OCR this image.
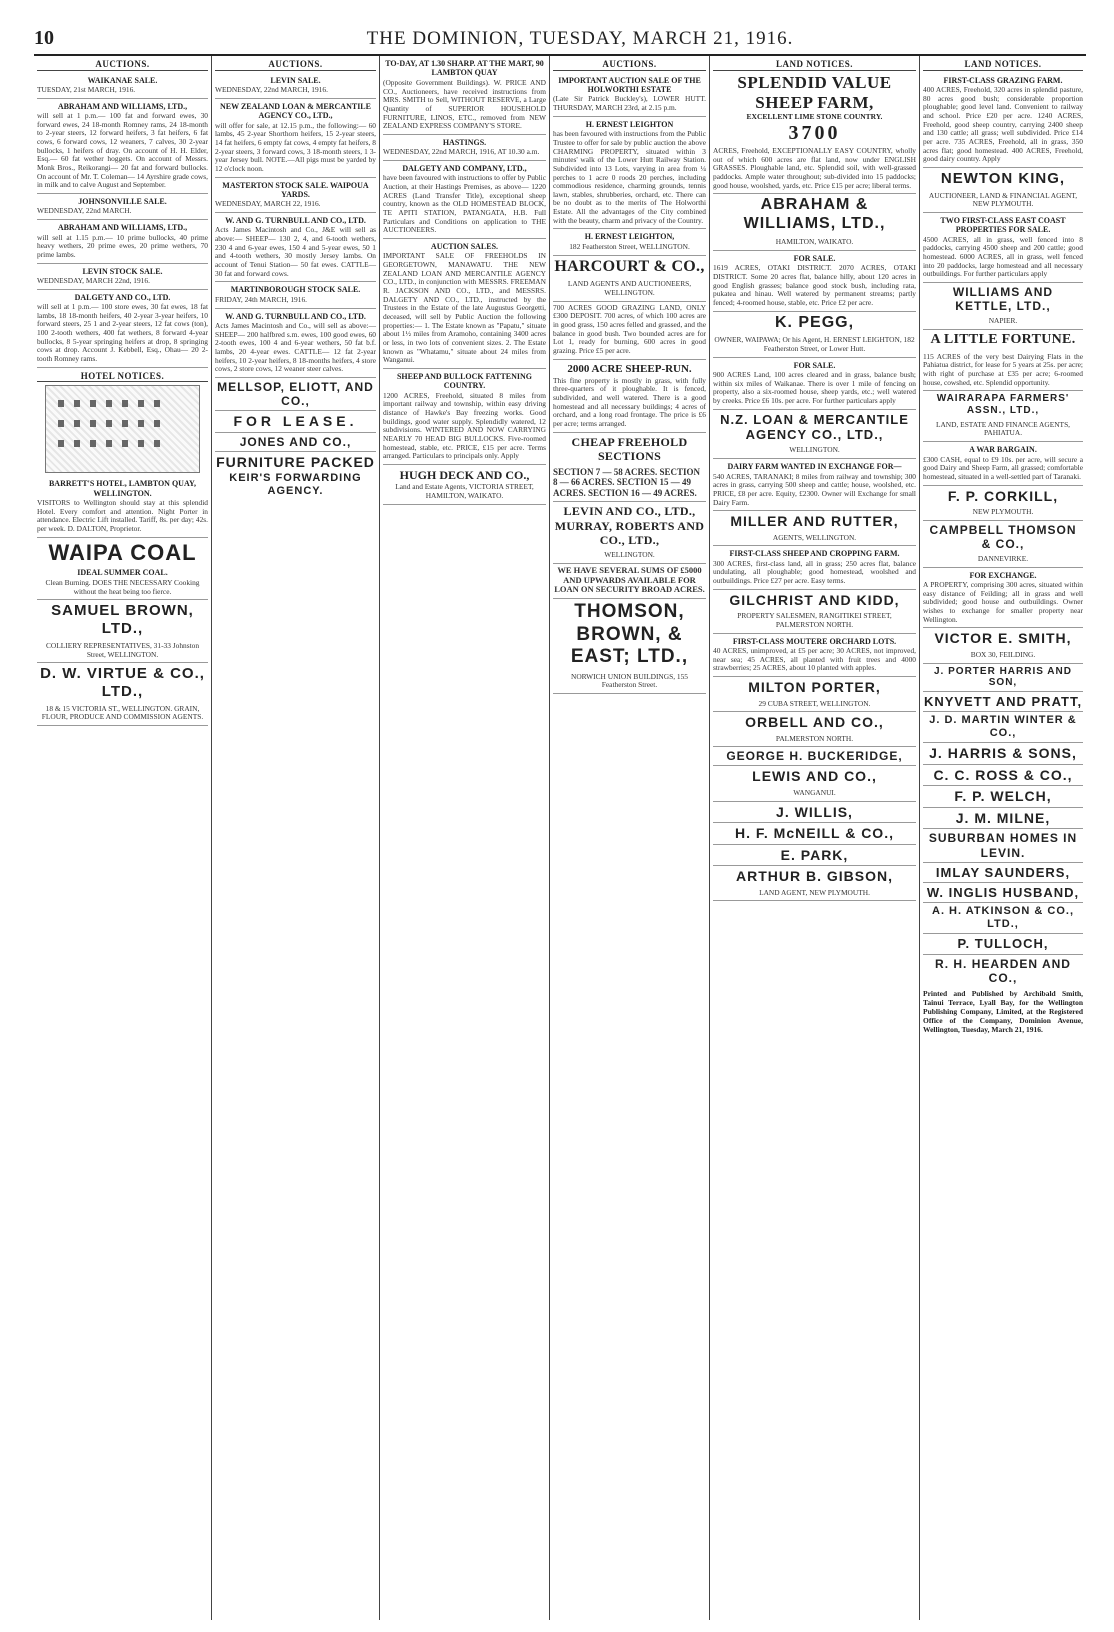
10	THE DOMINION, TUESDAY, MARCH 21, 1916.
AUCTIONS.
WAIKANAE SALE.
TUESDAY, 21st MARCH, 1916.
ABRAHAM AND WILLIAMS, LTD.,
will sell at 1 p.m.— 100 fat and forward ewes, 30 forward ewes, 24 18-month Romney rams, 24 18-month to 2-year steers, 12 forward heifers, 3 fat heifers, 6 fat cows, 6 forward cows, 12 weaners, 7 calves, 30 2-year bullocks, 1 heifers of dray. On account of H. H. Elder, Esq.— 60 fat wether hoggets. On account of Messrs. Monk Bros., Reikorangi— 20 fat and forward bullocks. On account of Mr. T. Coleman— 14 Ayrshire grade cows, in milk and to calve August and September.
JOHNSONVILLE SALE.
WEDNESDAY, 22nd MARCH.
ABRAHAM AND WILLIAMS, LTD.,
will sell at 1.15 p.m.— 10 prime bullocks, 40 prime heavy wethers, 20 prime ewes, 20 prime wethers, 70 prime lambs.
LEVIN STOCK SALE.
WEDNESDAY, MARCH 22nd, 1916.
DALGETY AND CO., LTD.
will sell at 1 p.m.— 100 store ewes, 30 fat ewes, 18 fat lambs, 18 18-month heifers, 40 2-year 3-year heifers, 10 forward steers, 25 1 and 2-year steers, 12 fat cows (ton), 100 2-tooth wethers, 400 fat wethers, 8 forward 4-year bullocks, 8 5-year springing heifers at drop, 8 springing cows at drop. Account J. Kebbell, Esq., Ohau— 20 2-tooth Romney rams.
HOTEL NOTICES.
BARRETT'S HOTEL, LAMBTON QUAY, WELLINGTON.
VISITORS to Wellington should stay at this splendid Hotel. Every comfort and attention. Night Porter in attendance. Electric Lift installed. Tariff, 8s. per day; 42s. per week. D. DALTON, Proprietor.
WAIPA COAL
IDEAL SUMMER COAL.
Clean Burning. DOES THE NECESSARY Cooking without the heat being too fierce.
SAMUEL BROWN, LTD.,
COLLIERY REPRESENTATIVES, 31-33 Johnston Street, WELLINGTON.
D. W. VIRTUE & CO., LTD.,
18 & 15 VICTORIA ST., WELLINGTON. GRAIN, FLOUR, PRODUCE AND COMMISSION AGENTS.
AUCTIONS.
LEVIN SALE.
WEDNESDAY, 22nd MARCH, 1916.
NEW ZEALAND LOAN & MERCANTILE AGENCY CO., LTD.,
will offer for sale, at 12.15 p.m., the following:— 60 lambs, 45 2-year Shorthorn heifers, 15 2-year steers, 14 fat heifers, 6 empty fat cows, 4 empty fat heifers, 8 2-year steers, 3 forward cows, 3 18-month steers, 1 3-year Jersey bull. NOTE.—All pigs must be yarded by 12 o'clock noon.
MASTERTON STOCK SALE. WAIPOUA YARDS.
WEDNESDAY, MARCH 22, 1916.
W. AND G. TURNBULL AND CO., LTD.
Acts James Macintosh and Co., J&E will sell as above:— SHEEP— 130 2, 4, and 6-tooth wethers, 230 4 and 6-year ewes, 150 4 and 5-year ewes, 50 1 and 4-tooth wethers, 30 mostly Jersey lambs. On account of Tenui Station— 50 fat ewes. CATTLE— 30 fat and forward cows.
MARTINBOROUGH STOCK SALE.
FRIDAY, 24th MARCH, 1916.
W. AND G. TURNBULL AND CO., LTD.
Acts James Macintosh and Co., will sell as above:— SHEEP— 200 halfbred s.m. ewes, 100 good ewes, 60 2-tooth ewes, 100 4 and 6-year wethers, 50 fat b.f. lambs, 20 4-year ewes. CATTLE— 12 fat 2-year heifers, 10 2-year heifers, 8 18-months heifers, 4 store cows, 2 store cows, 12 weaner steer calves.
MELLSOP, ELIOTT, AND CO.,
FOR LEASE.
JONES AND CO.,
FURNITURE PACKED
KEIR'S FORWARDING AGENCY.
TO-DAY, AT 1.30 SHARP. AT THE MART, 90 LAMBTON QUAY
(Opposite Government Buildings). W. PRICE AND CO., Auctioneers, have received instructions from MRS. SMITH to Sell, WITHOUT RESERVE, a Large Quantity of SUPERIOR HOUSEHOLD FURNITURE, LINOS, ETC., removed from NEW ZEALAND EXPRESS COMPANY'S STORE.
HASTINGS.
WEDNESDAY, 22nd MARCH, 1916, AT 10.30 a.m.
DALGETY AND COMPANY, LTD.,
have been favoured with instructions to offer by Public Auction, at their Hastings Premises, as above— 1220 ACRES (Land Transfer Title), exceptional sheep country, known as the OLD HOMESTEAD BLOCK, TE APITI STATION, PATANGATA, H.B. Full Particulars and Conditions on application to THE AUCTIONEERS.
AUCTION SALES.
IMPORTANT SALE OF FREEHOLDS IN GEORGETOWN, MANAWATU. THE NEW ZEALAND LOAN AND MERCANTILE AGENCY CO., LTD., in conjunction with MESSRS. FREEMAN R. JACKSON AND CO., LTD., and MESSRS. DALGETY AND CO., LTD., instructed by the Trustees in the Estate of the late Augustus Georgetti, deceased, will sell by Public Auction the following properties:— 1. The Estate known as "Papatu," situate about 1½ miles from Aramoho, containing 3400 acres or less, in two lots of convenient sizes. 2. The Estate known as "Whatamu," situate about 24 miles from Wanganui.
SHEEP AND BULLOCK FATTENING COUNTRY.
1200 ACRES, Freehold, situated 8 miles from important railway and township, within easy driving distance of Hawke's Bay freezing works. Good buildings, good water supply. Splendidly watered, 12 subdivisions. WINTERED AND NOW CARRYING NEARLY 70 HEAD BIG BULLOCKS. Five-roomed homestead, stable, etc. PRICE, £15 per acre. Terms arranged. Particulars to principals only. Apply
HUGH DECK AND CO.,
Land and Estate Agents, VICTORIA STREET, HAMILTON, WAIKATO.
AUCTIONS.
IMPORTANT AUCTION SALE OF THE HOLWORTHI ESTATE
(Late Sir Patrick Buckley's), LOWER HUTT. THURSDAY, MARCH 23rd, at 2.15 p.m.
H. ERNEST LEIGHTON
has been favoured with instructions from the Public Trustee to offer for sale by public auction the above CHARMING PROPERTY, situated within 3 minutes' walk of the Lower Hutt Railway Station. Subdivided into 13 Lots, varying in area from ¼ perches to 1 acre 0 roods 20 perches, including commodious residence, charming grounds, tennis lawn, stables, shrubberies, orchard, etc. There can be no doubt as to the merits of The Holworthi Estate. All the advantages of the City combined with the beauty, charm and privacy of the Country.
H. ERNEST LEIGHTON,
182 Featherston Street, WELLINGTON.
HARCOURT & CO.,
LAND AGENTS AND AUCTIONEERS, WELLINGTON.
700 ACRES GOOD GRAZING LAND, ONLY £300 DEPOSIT. 700 acres, of which 100 acres are in good grass, 150 acres felled and grassed, and the balance in good bush. Two bounded acres are for Lot 1, ready for burning, 600 acres in good grazing. Price £5 per acre.
2000 ACRE SHEEP-RUN.
This fine property is mostly in grass, with fully three-quarters of it ploughable. It is fenced, subdivided, and well watered. There is a good homestead and all necessary buildings; 4 acres of orchard, and a long road frontage. The price is £6 per acre; terms arranged.
CHEAP FREEHOLD SECTIONS
SECTION 7 — 58 ACRES. SECTION 8 — 66 ACRES. SECTION 15 — 49 ACRES. SECTION 16 — 49 ACRES.
LEVIN AND CO., LTD., MURRAY, ROBERTS AND CO., LTD.,
WELLINGTON.
WE HAVE SEVERAL SUMS OF £5000 AND UPWARDS AVAILABLE FOR LOAN ON SECURITY BROAD ACRES.
THOMSON, BROWN, & EAST; LTD.,
NORWICH UNION BUILDINGS, 155 Featherston Street.
LAND NOTICES.
SPLENDID VALUE SHEEP FARM,
EXCELLENT LIME STONE COUNTRY.
3700
ACRES, Freehold, EXCEPTIONALLY EASY COUNTRY, wholly out of which 600 acres are flat land, now under ENGLISH GRASSES. Ploughable land, etc. Splendid soil, with well-grassed paddocks. Ample water throughout; sub-divided into 15 paddocks; good house, woolshed, yards, etc. Price £15 per acre; liberal terms.
ABRAHAM & WILLIAMS, LTD.,
HAMILTON, WAIKATO.
FOR SALE.
1619 ACRES, OTAKI DISTRICT. 2070 ACRES, OTAKI DISTRICT. Some 20 acres flat, balance hilly, about 120 acres in good English grasses; balance good stock bush, including rata, pukatea and hinau. Well watered by permanent streams; partly fenced; 4-roomed house, stable, etc. Price £2 per acre.
K. PEGG,
OWNER, WAIPAWA; Or his Agent, H. ERNEST LEIGHTON, 182 Featherston Street, or Lower Hutt.
FOR SALE.
900 ACRES Land, 100 acres cleared and in grass, balance bush; within six miles of Waikanae. There is over 1 mile of fencing on property, also a six-roomed house, sheep yards, etc.; well watered by creeks. Price £6 10s. per acre. For further particulars apply
N.Z. LOAN & MERCANTILE AGENCY CO., LTD.,
WELLINGTON.
DAIRY FARM WANTED IN EXCHANGE FOR—
540 ACRES, TARANAKI; 8 miles from railway and township; 300 acres in grass, carrying 500 sheep and cattle; house, woolshed, etc. PRICE, £8 per acre. Equity, £2300. Owner will Exchange for small Dairy Farm.
MILLER AND RUTTER,
AGENTS, WELLINGTON.
FIRST-CLASS SHEEP AND CROPPING FARM.
300 ACRES, first-class land, all in grass; 250 acres flat, balance undulating, all ploughable; good homestead, woolshed and outbuildings. Price £27 per acre. Easy terms.
GILCHRIST AND KIDD,
PROPERTY SALESMEN, RANGITIKEI STREET, PALMERSTON NORTH.
FIRST-CLASS MOUTERE ORCHARD LOTS.
40 ACRES, unimproved, at £5 per acre; 30 ACRES, not improved, near sea; 45 ACRES, all planted with fruit trees and 4000 strawberries; 25 ACRES, about 10 planted with apples.
MILTON PORTER,
29 CUBA STREET, WELLINGTON.
ORBELL AND CO.,
PALMERSTON NORTH.
GEORGE H. BUCKERIDGE,
LEWIS AND CO.,
WANGANUI.
J. WILLIS,
H. F. McNEILL & CO.,
E. PARK,
ARTHUR B. GIBSON,
LAND AGENT, NEW PLYMOUTH.
LAND NOTICES.
FIRST-CLASS GRAZING FARM.
400 ACRES, Freehold, 320 acres in splendid pasture, 80 acres good bush; considerable proportion ploughable; good level land. Convenient to railway and school. Price £20 per acre. 1240 ACRES, Freehold, good sheep country, carrying 2400 sheep and 130 cattle; all grass; well subdivided. Price £14 per acre. 735 ACRES, Freehold, all in grass, 350 acres flat; good homestead. 400 ACRES, Freehold, good dairy country. Apply
NEWTON KING,
AUCTIONEER, LAND & FINANCIAL AGENT, NEW PLYMOUTH.
TWO FIRST-CLASS EAST COAST PROPERTIES FOR SALE.
4500 ACRES, all in grass, well fenced into 8 paddocks, carrying 4500 sheep and 200 cattle; good homestead. 6000 ACRES, all in grass, well fenced into 20 paddocks, large homestead and all necessary outbuildings. For further particulars apply
WILLIAMS AND KETTLE, LTD.,
NAPIER.
A LITTLE FORTUNE.
115 ACRES of the very best Dairying Flats in the Pahiatua district, for lease for 5 years at 25s. per acre; with right of purchase at £35 per acre; 6-roomed house, cowshed, etc. Splendid opportunity.
WAIRARAPA FARMERS' ASSN., LTD.,
LAND, ESTATE AND FINANCE AGENTS, PAHIATUA.
A WAR BARGAIN.
£300 CASH, equal to £9 10s. per acre, will secure a good Dairy and Sheep Farm, all grassed; comfortable homestead, situated in a well-settled part of Taranaki.
F. P. CORKILL,
NEW PLYMOUTH.
CAMPBELL THOMSON & CO.,
DANNEVIRKE.
FOR EXCHANGE.
A PROPERTY, comprising 300 acres, situated within easy distance of Feilding; all in grass and well subdivided; good house and outbuildings. Owner wishes to exchange for smaller property near Wellington.
VICTOR E. SMITH,
BOX 30, FEILDING.
J. PORTER HARRIS AND SON,
KNYVETT AND PRATT,
J. D. MARTIN WINTER & CO.,
J. HARRIS & SONS,
C. C. ROSS & CO.,
F. P. WELCH,
J. M. MILNE,
SUBURBAN HOMES IN LEVIN.
IMLAY SAUNDERS,
W. INGLIS HUSBAND,
A. H. ATKINSON & CO., LTD.,
P. TULLOCH,
R. H. HEARDEN AND CO.,
Printed and Published by Archibald Smith, Tainui Terrace, Lyall Bay, for the Wellington Publishing Company, Limited, at the Registered Office of the Company, Dominion Avenue, Wellington, Tuesday, March 21, 1916.
